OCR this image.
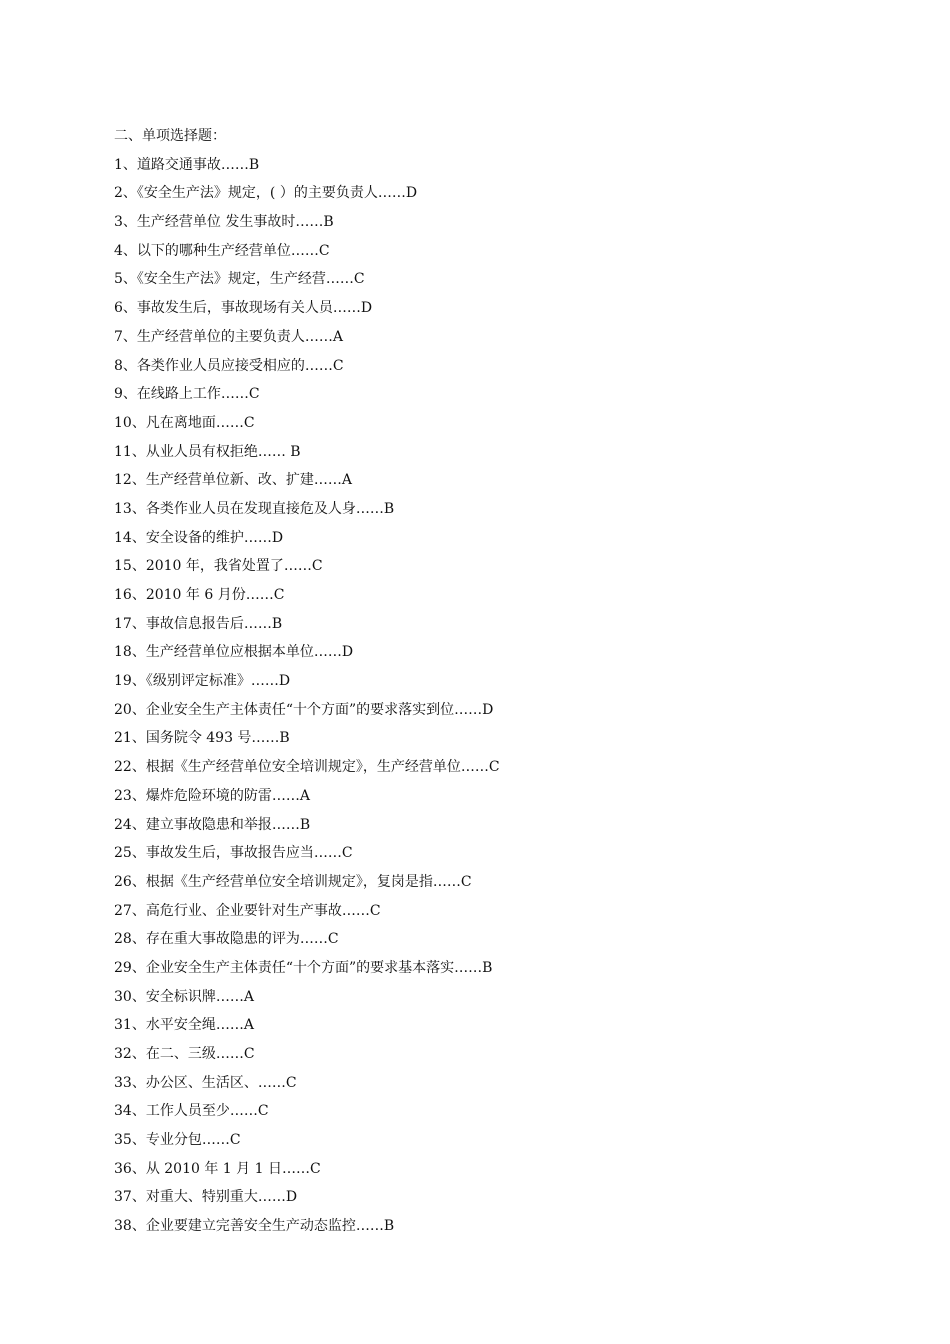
二、单项选择题：
1、道路交通事故……B
2、《安全生产法》规定，( ）的主要负责人……D
3、生产经营单位 发生事故时……B
4、以下的哪种生产经营单位……C
5、《安全生产法》规定，生产经营……C
6、事故发生后，事故现场有关人员……D
7、生产经营单位的主要负责人……A
8、各类作业人员应接受相应的……C
9、在线路上工作……C
10、凡在离地面……C
11、从业人员有权拒绝…… B
12、生产经营单位新、改、扩建……A
13、各类作业人员在发现直接危及人身……B
14、安全设备的维护……D
15、2010 年，我省处置了……C
16、2010 年 6 月份……C
17、事故信息报告后……B
18、生产经营单位应根据本单位……D
19、《级别评定标准》……D
20、企业安全生产主体责任“十个方面”的要求落实到位……D
21、国务院令 493 号……B
22、根据《生产经营单位安全培训规定》，生产经营单位……C
23、爆炸危险环境的防雷……A
24、建立事故隐患和举报……B
25、事故发生后，事故报告应当……C
26、根据《生产经营单位安全培训规定》，复岗是指……C
27、高危行业、企业要针对生产事故……C
28、存在重大事故隐患的评为……C
29、企业安全生产主体责任“十个方面”的要求基本落实……B
30、安全标识牌……A
31、水平安全绳……A
32、在二、三级……C
33、办公区、生活区、……C
34、工作人员至少……C
35、专业分包……C
36、从 2010 年 1 月 1 日……C
37、对重大、特别重大……D
38、企业要建立完善安全生产动态监控……B
